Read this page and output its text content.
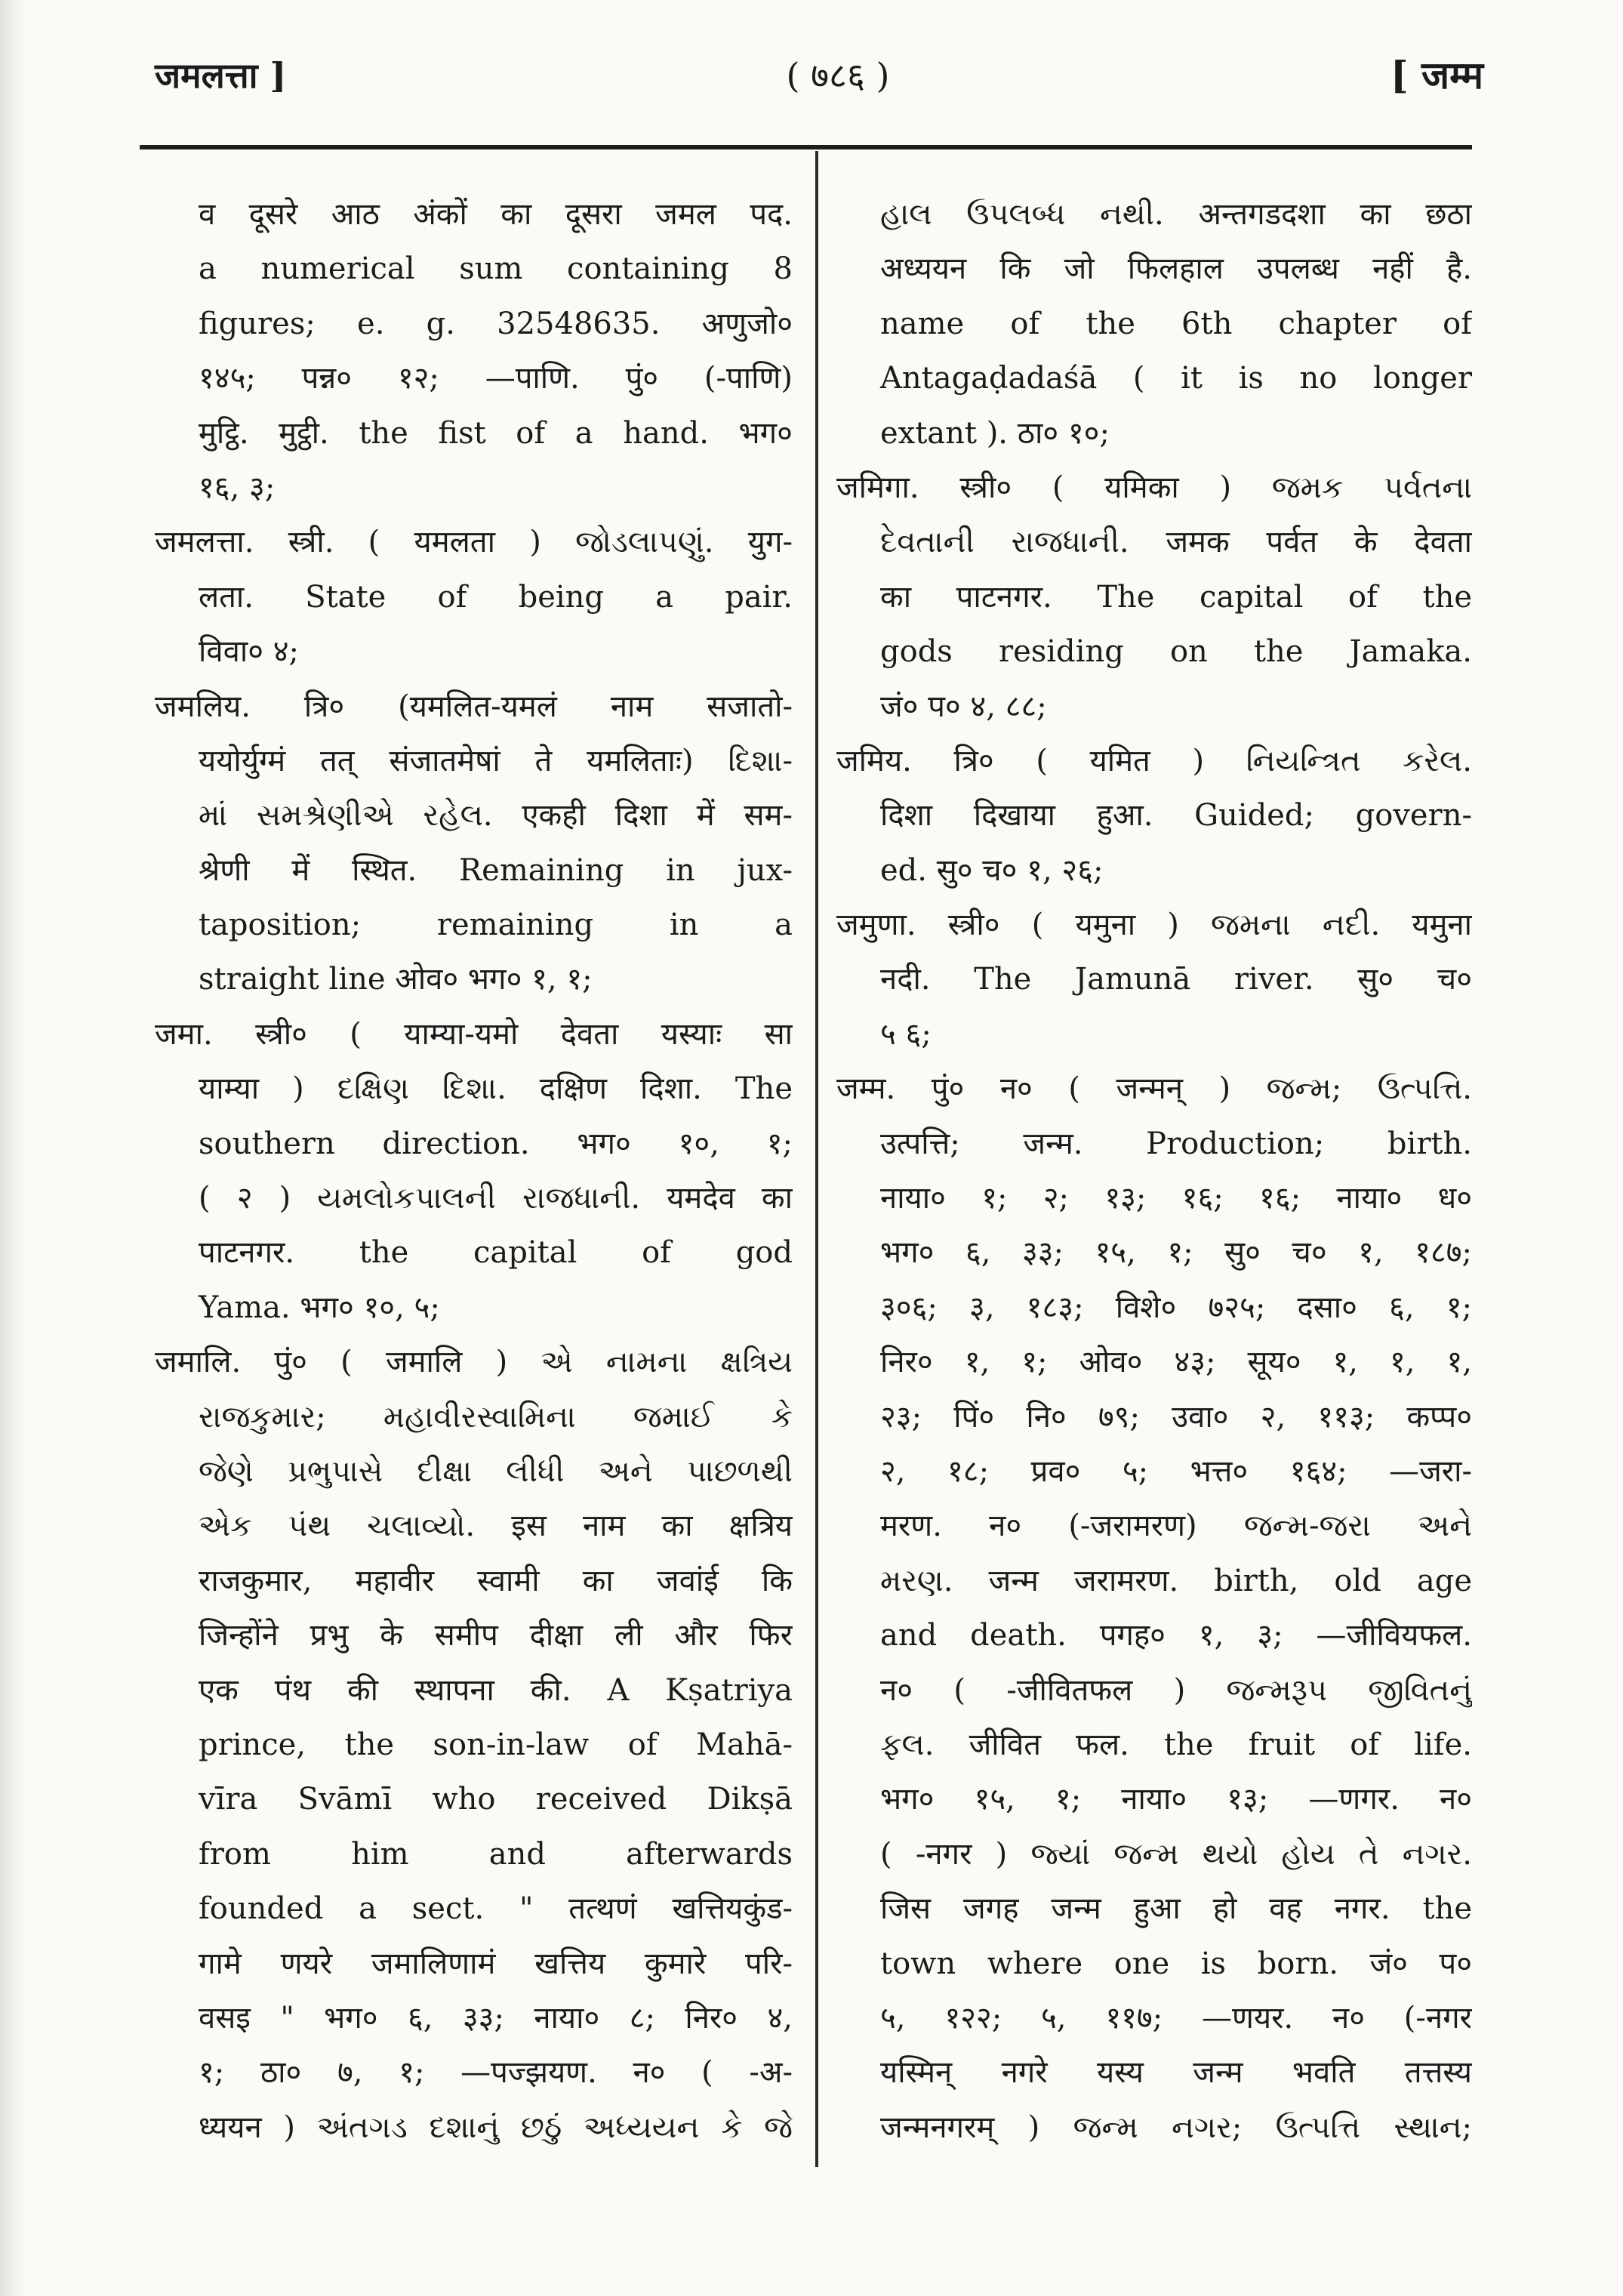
जमलत्ता ]	( ७८६ )	[ जम्म
व दूसरे आठ अंकों का दूसरा जमल पद.
a numerical sum containing 8
figures; e. g. 32548635. अणुजो०
१४५; पन्न० १२; —पाणि. पुं० (-पाणि)
मुट्ठि. मुट्ठी. the fist of a hand. भग०
१६, ३;
जमलत्ता. स्त्री. ( यमलता ) જોડલાપણું. युग-
लता. State of being a pair.
विवा० ४;
जमलिय. त्रि० (यमलित-यमलं नाम सजातो-
ययोर्युग्मं तत् संजातमेषां ते यमलिताः) દિશા-
માં સમશ્રેણીએ રહેલ. एकही दिशा में सम-
श्रेणी में स्थित. Remaining in jux-
taposition; remaining in a
straight line ओव० भग० १, १;
जमा. स्त्री० ( याम्या-यमो देवता यस्याः सा
याम्या ) દક્ષિણ દિશા. दक्षिण दिशा. The
southern direction. भग० १०, १;
( २ ) યમલોકપાલની રાજધાની. यमदेव का
पाटनगर. the capital of god
Yama. भग० १०, ५;
जमालि. पुं० ( जमालि ) એ નામના ક્ષત્રિય
રાજકુમાર; મહાવીરસ્વામિના જમાઈ કે
જેણે પ્રભુપાસે દીક્ષા લીધી અને પાછળથી
એક પંથ ચલાવ્યો. इस नाम का क्षत्रिय
राजकुमार, महावीर स्वामी का जवांई कि
जिन्होंने प्रभु के समीप दीक्षा ली और फिर
एक पंथ की स्थापना की. A Kṣatriya
prince, the son-in-law of Mahā-
vīra Svāmī who received Dikṣā
from him and afterwards
founded a sect. " तत्थणं खत्तियकुंड-
गामे णयरे जमालिणामं खत्तिय कुमारे परि-
वसइ " भग० ६, ३३; नाया० ८; निर० ४,
१; ठा० ७, १; —पज्झयण. न० ( -अ-
ध्ययन ) અંતગડ દશાનું છઠું અધ્યયન કે જે
હાલ ઉપલબ્ધ નથી. अन्तगडदशा का छठा
अध्ययन कि जो फिलहाल उपलब्ध नहीं है.
name of the 6th chapter of
Antagaḍadaśā ( it is no longer
extant ). ठा० १०;
जमिगा. स्त्री० ( यमिका ) જમક પર્વતના
દેવતાની રાજધાની. जमक पर्वत के देवता
का पाटनगर. The capital of the
gods residing on the Jamaka.
जं० प० ४, ८८;
जमिय. त्रि० ( यमित ) નિયન્ત્રિત કરેલ.
दिशा दिखाया हुआ. Guided; govern-
ed. सु० च० १, २६;
जमुणा. स्त्री० ( यमुना ) જમના નદી. यमुना
नदी. The Jamunā river. सु० च०
५ ६;
जम्म. पुं० न० ( जन्मन् ) જન્મ; ઉત્પત્તિ.
उत्पत्ति; जन्म. Production; birth.
नाया० १; २; १३; १६; १६; नाया० ध०
भग० ६, ३३; १५, १; सु० च० १, १८७;
३०६; ३, १८३; विशे० ७२५; दसा० ६, १;
निर० १, १; ओव० ४३; सूय० १, १, १,
२३; पिं० नि० ७९; उवा० २, ११३; कप्प०
२, १८; प्रव० ५; भत्त० १६४; —जरा-
मरण. न० (-जरामरण) જન્મ-જરા અને
મરણ. जन्म जरामरण. birth, old age
and death. पगह० १, ३; —जीवियफल.
न० ( -जीवितफल ) જન્મરૂપ જીવિતનું
ફલ. जीवित फल. the fruit of life.
भग० १५, १; नाया० १३; —णगर. न०
( -नगर ) જ્યાં જન્મ થયો હોય તે નગર.
जिस जगह जन्म हुआ हो वह नगर. the
town where one is born. जं० प०
५, १२२; ५, ११७; —णयर. न० (-नगर
यस्मिन् नगरे यस्य जन्म भवति तत्तस्य
जन्मनगरम् ) જન્મ નગર; ઉત્પત્તિ સ્થાન;
